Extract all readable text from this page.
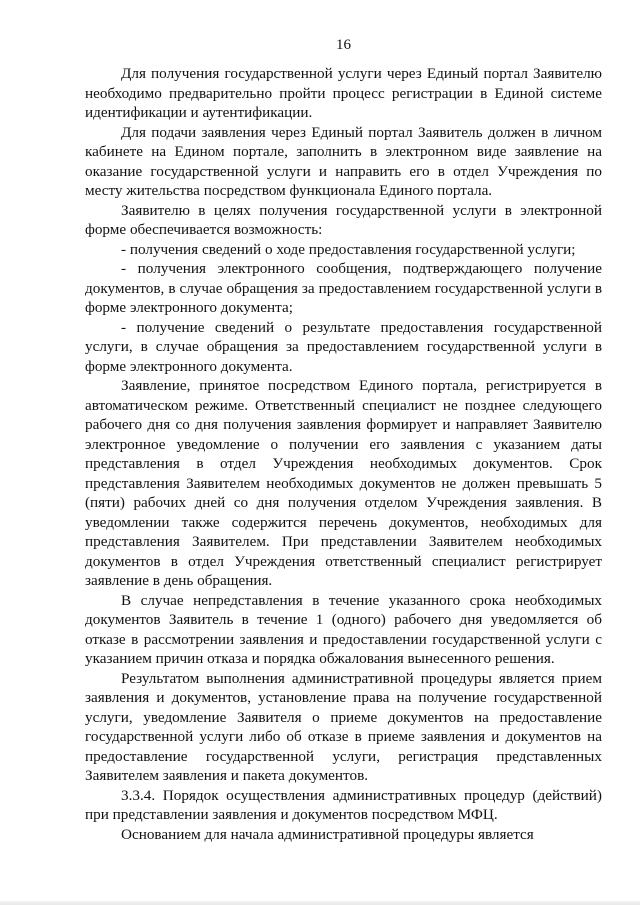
16

Для получения государственной услуги через Единый портал Заявителю необходимо предварительно пройти процесс регистрации в Единой системе идентификации и аутентификации.

Для подачи заявления через Единый портал Заявитель должен в личном кабинете на Едином портале, заполнить в электронном виде заявление на оказание государственной услуги и направить его в отдел Учреждения по месту жительства посредством функционала Единого портала.

Заявителю в целях получения государственной услуги в электронной форме обеспечивается возможность:

- получения сведений о ходе предоставления государственной услуги;

- получения электронного сообщения, подтверждающего получение документов, в случае обращения за предоставлением государственной услуги в форме электронного документа;

- получение сведений о результате предоставления государственной услуги, в случае обращения за предоставлением государственной услуги в форме электронного документа.

Заявление, принятое посредством Единого портала, регистрируется в автоматическом режиме. Ответственный специалист не позднее следующего рабочего дня со дня получения заявления формирует и направляет Заявителю электронное уведомление о получении его заявления с указанием даты представления в отдел Учреждения необходимых документов. Срок представления Заявителем необходимых документов не должен превышать 5 (пяти) рабочих дней со дня получения отделом Учреждения заявления. В уведомлении также содержится перечень документов, необходимых для представления Заявителем. При представлении Заявителем необходимых документов в отдел Учреждения ответственный специалист регистрирует заявление в день обращения.

В случае непредставления в течение указанного срока необходимых документов Заявитель в течение 1 (одного) рабочего дня уведомляется об отказе в рассмотрении заявления и предоставлении государственной услуги с указанием причин отказа и порядка обжалования вынесенного решения.

Результатом выполнения административной процедуры является прием заявления и документов, установление права на получение государственной услуги, уведомление Заявителя о приеме документов на предоставление государственной услуги либо об отказе в приеме заявления и документов на предоставление государственной услуги, регистрация представленных Заявителем заявления и пакета документов.

3.3.4. Порядок осуществления административных процедур (действий) при представлении заявления и документов посредством МФЦ.

Основанием для начала административной процедуры является
